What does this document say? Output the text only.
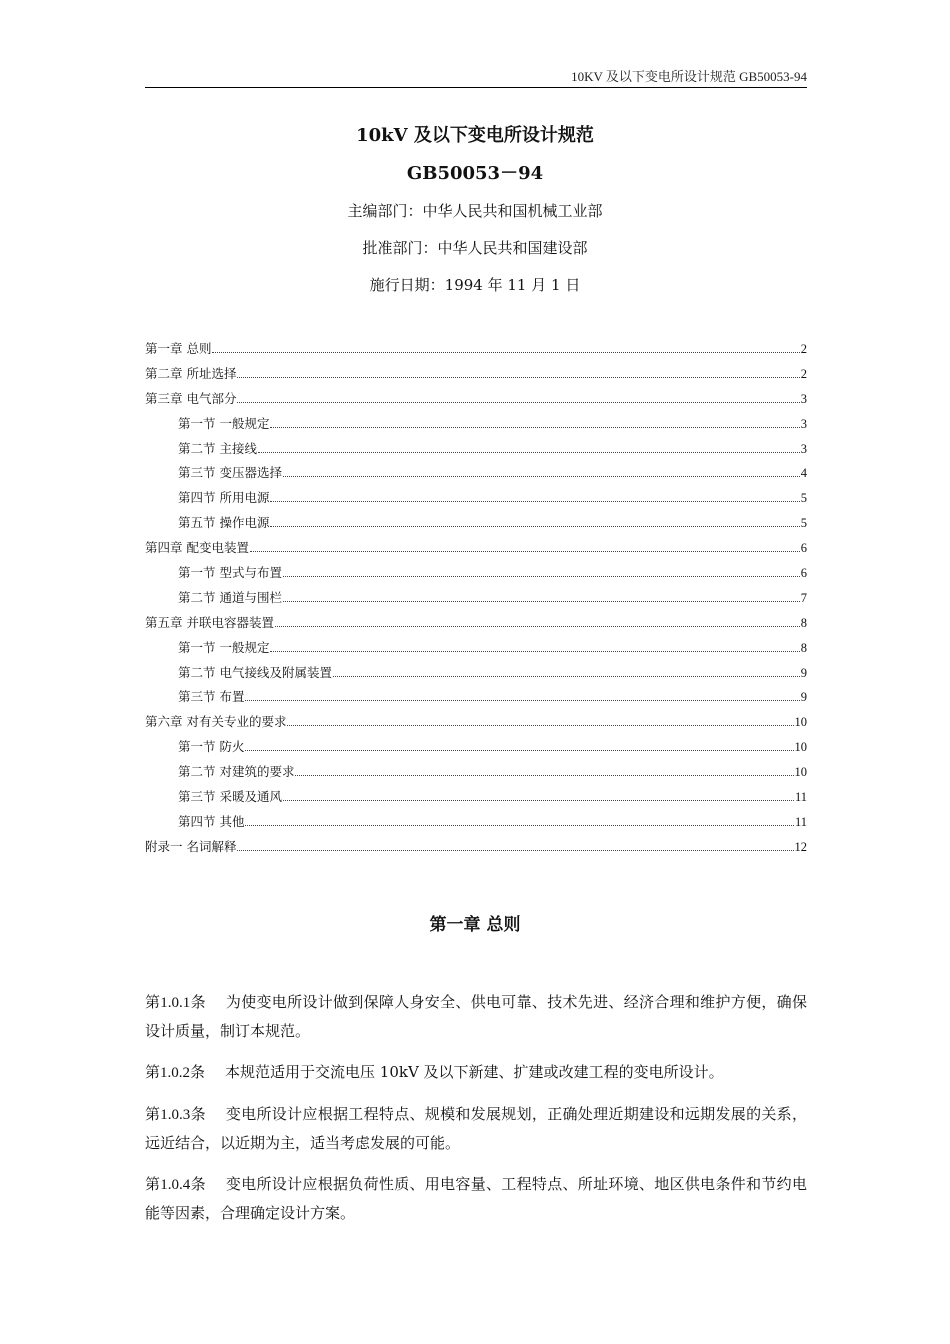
10KV 及以下变电所设计规范 GB50053-94

10kV 及以下变电所设计规范

GB50053－94

主编部门：中华人民共和国机械工业部

批准部门：中华人民共和国建设部

施行日期：1994 年 11 月 1 日

第一章 总则	2
第二章 所址选择	2
第三章 电气部分	3
第一节 一般规定	3
第二节 主接线	3
第三节 变压器选择	4
第四节 所用电源	5
第五节 操作电源	5
第四章 配变电装置	6
第一节 型式与布置	6
第二节 通道与围栏	7
第五章 并联电容器装置	8
第一节 一般规定	8
第二节 电气接线及附属装置	9
第三节 布置	9
第六章 对有关专业的要求	10
第一节 防火	10
第二节 对建筑的要求	10
第三节 采暖及通风	11
第四节 其他	11
附录一 名词解释	12
第一章 总则

第1.0.1条 为使变电所设计做到保障人身安全、供电可靠、技术先进、经济合理和维护方便，确保设计质量，制订本规范。

第1.0.2条 本规范适用于交流电压 10kV 及以下新建、扩建或改建工程的变电所设计。

第1.0.3条 变电所设计应根据工程特点、规模和发展规划，正确处理近期建设和远期发展的关系，远近结合，以近期为主，适当考虑发展的可能。

第1.0.4条 变电所设计应根据负荷性质、用电容量、工程特点、所址环境、地区供电条件和节约电能等因素，合理确定设计方案。
